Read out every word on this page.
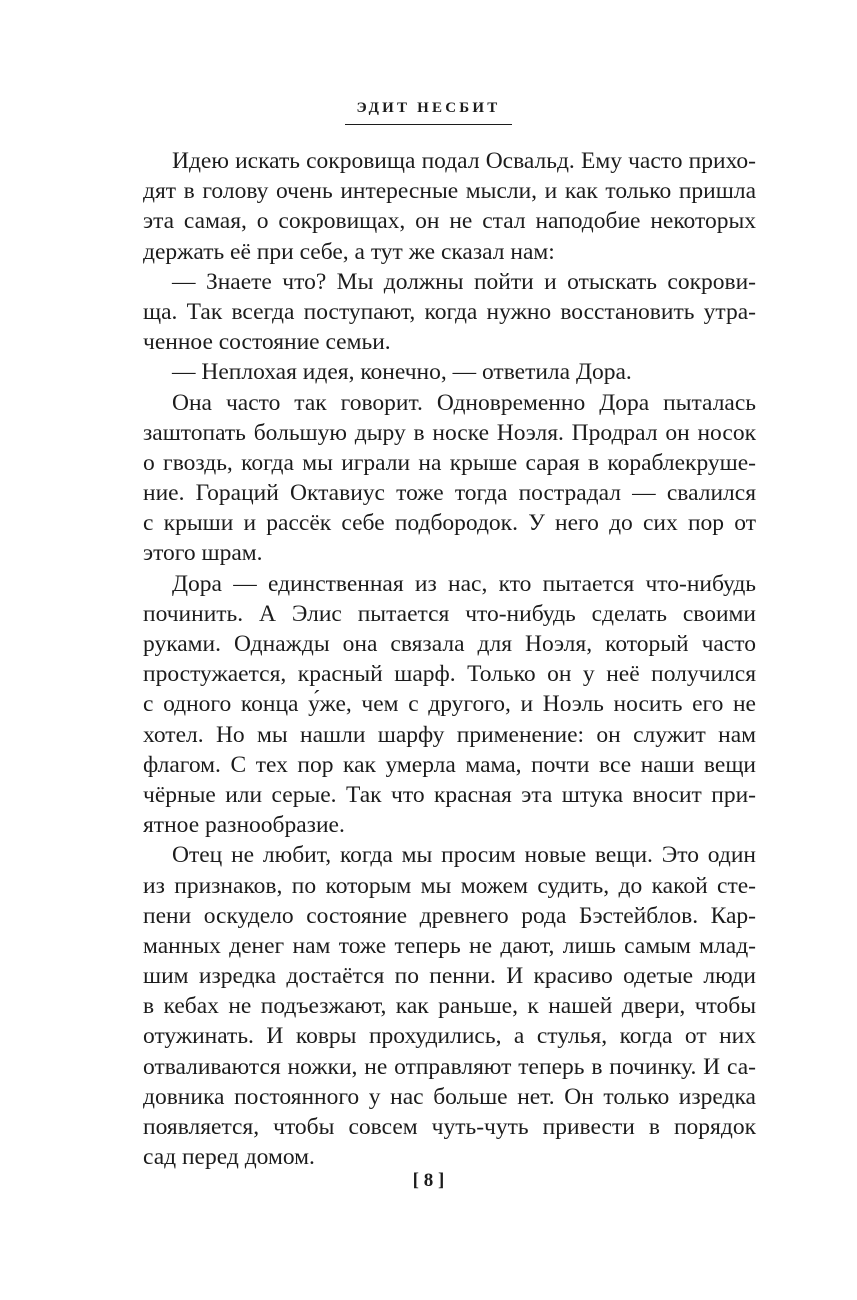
ЭДИТ НЕСБИТ
Идею искать сокровища подал Освальд. Ему часто прихо-
дят в голову очень интересные мысли, и как только пришла
эта самая, о сокровищах, он не стал наподобие некоторых
держать её при себе, а тут же сказал нам:
— Знаете что? Мы должны пойти и отыскать сокрови-
ща. Так всегда поступают, когда нужно восстановить утра-
ченное состояние семьи.
— Неплохая идея, конечно, — ответила Дора.
Она часто так говорит. Одновременно Дора пыталась
заштопать большую дыру в носке Ноэля. Продрал он носок
о гвоздь, когда мы играли на крыше сарая в кораблекруше-
ние. Гораций Октавиус тоже тогда пострадал — свалился
с крыши и рассёк себе подбородок. У него до сих пор от
этого шрам.
Дора — единственная из нас, кто пытается что-нибудь
починить. А Элис пытается что-нибудь сделать своими
руками. Однажды она связала для Ноэля, который часто
простужается, красный шарф. Только он у неё получился
с одного конца у́же, чем с другого, и Ноэль носить его не
хотел. Но мы нашли шарфу применение: он служит нам
флагом. С тех пор как умерла мама, почти все наши вещи
чёрные или серые. Так что красная эта штука вносит при-
ятное разнообразие.
Отец не любит, когда мы просим новые вещи. Это один
из признаков, по которым мы можем судить, до какой сте-
пени оскудело состояние древнего рода Бэстейблов. Кар-
манных денег нам тоже теперь не дают, лишь самым млад-
шим изредка достаётся по пенни. И красиво одетые люди
в кебах не подъезжают, как раньше, к нашей двери, чтобы
отужинать. И ковры прохудились, а стулья, когда от них
отваливаются ножки, не отправляют теперь в починку. И са-
довника постоянного у нас больше нет. Он только изредка
появляется, чтобы совсем чуть-чуть привести в порядок
сад перед домом.
[ 8 ]
